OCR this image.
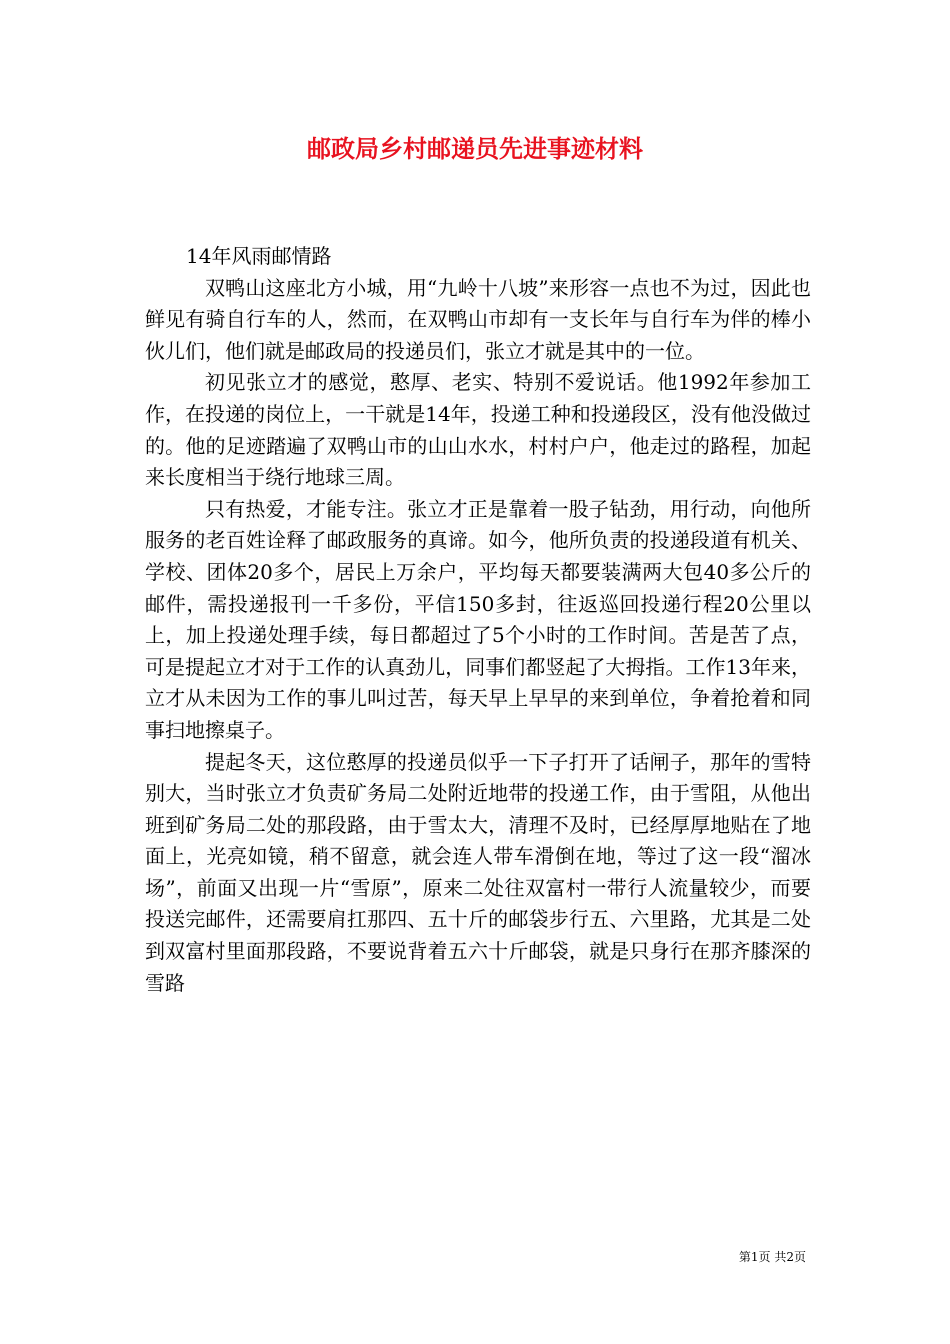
邮政局乡村邮递员先进事迹材料

14年风雨邮情路

双鸭山这座北方小城，用“九岭十八坡”来形容一点也不为过，因此也鲜见有骑自行车的人，然而，在双鸭山市却有一支长年与自行车为伴的棒小伙儿们，他们就是邮政局的投递员们，张立才就是其中的一位。

初见张立才的感觉，憨厚、老实、特别不爱说话。他1992年参加工作，在投递的岗位上，一干就是14年，投递工种和投递段区，没有他没做过的。他的足迹踏遍了双鸭山市的山山水水，村村户户，他走过的路程，加起来长度相当于绕行地球三周。

只有热爱，才能专注。张立才正是靠着一股子钻劲，用行动，向他所服务的老百姓诠释了邮政服务的真谛。如今，他所负责的投递段道有机关、学校、团体20多个，居民上万余户，平均每天都要装满两大包40多公斤的邮件，需投递报刊一千多份，平信150多封，往返巡回投递行程20公里以上，加上投递处理手续，每日都超过了5个小时的工作时间。苦是苦了点，可是提起立才对于工作的认真劲儿，同事们都竖起了大拇指。工作13年来，立才从未因为工作的事儿叫过苦，每天早上早早的来到单位，争着抢着和同事扫地擦桌子。

提起冬天，这位憨厚的投递员似乎一下子打开了话闸子，那年的雪特别大，当时张立才负责矿务局二处附近地带的投递工作，由于雪阻，从他出班到矿务局二处的那段路，由于雪太大，清理不及时，已经厚厚地贴在了地面上，光亮如镜，稍不留意，就会连人带车滑倒在地，等过了这一段“溜冰场”，前面又出现一片“雪原”，原来二处往双富村一带行人流量较少，而要投送完邮件，还需要肩扛那四、五十斤的邮袋步行五、六里路，尤其是二处到双富村里面那段路，不要说背着五六十斤邮袋，就是只身行在那齐膝深的雪路

第1页 共2页
